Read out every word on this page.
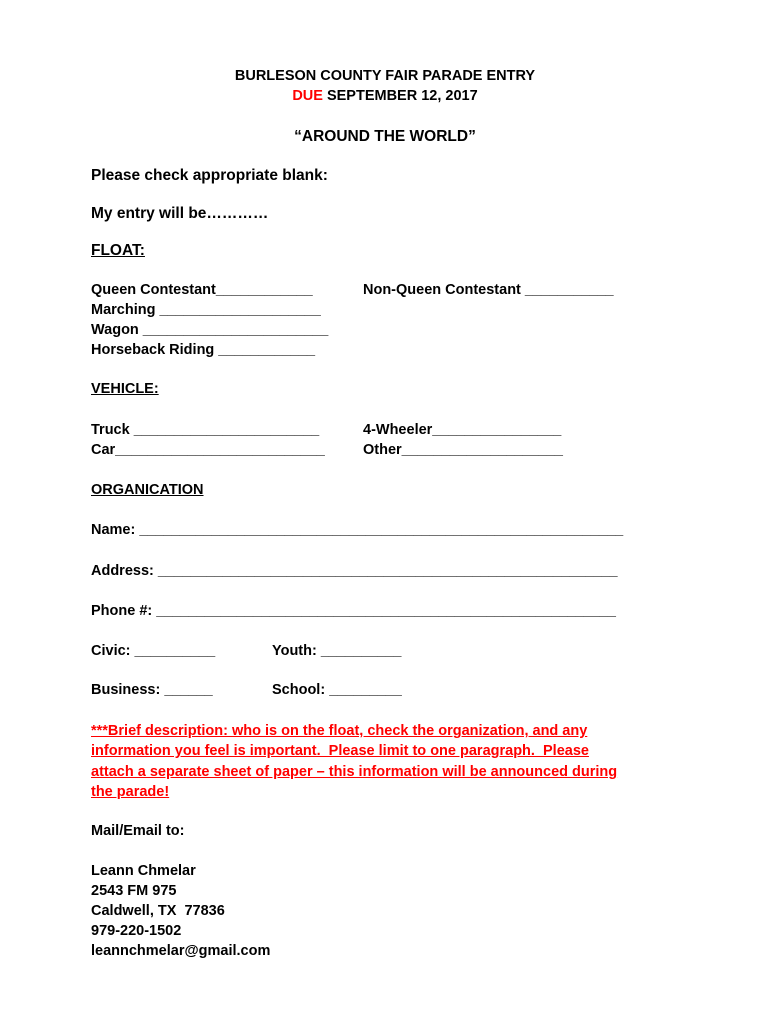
BURLESON COUNTY FAIR PARADE ENTRY
DUE SEPTEMBER 12, 2017
“AROUND THE WORLD”
Please check appropriate blank:
My entry will be…………
FLOAT:
Queen Contestant____________	Non-Queen Contestant ___________
Marching ____________________
Wagon _______________________
Horseback Riding ____________
VEHICLE:
Truck _______________________	4-Wheeler________________
Car__________________________	Other____________________
ORGANICATION
Name: ____________________________________________________________
Address: _________________________________________________________
Phone #: _________________________________________________________
Civic: __________	Youth: __________
Business: ______	School: _________
***Brief description: who is on the float, check the organization, and any
information you feel is important.  Please limit to one paragraph.  Please
attach a separate sheet of paper – this information will be announced during
the parade!
Mail/Email to:
Leann Chmelar
2543 FM 975
Caldwell, TX  77836
979-220-1502
leannchmelar@gmail.com
